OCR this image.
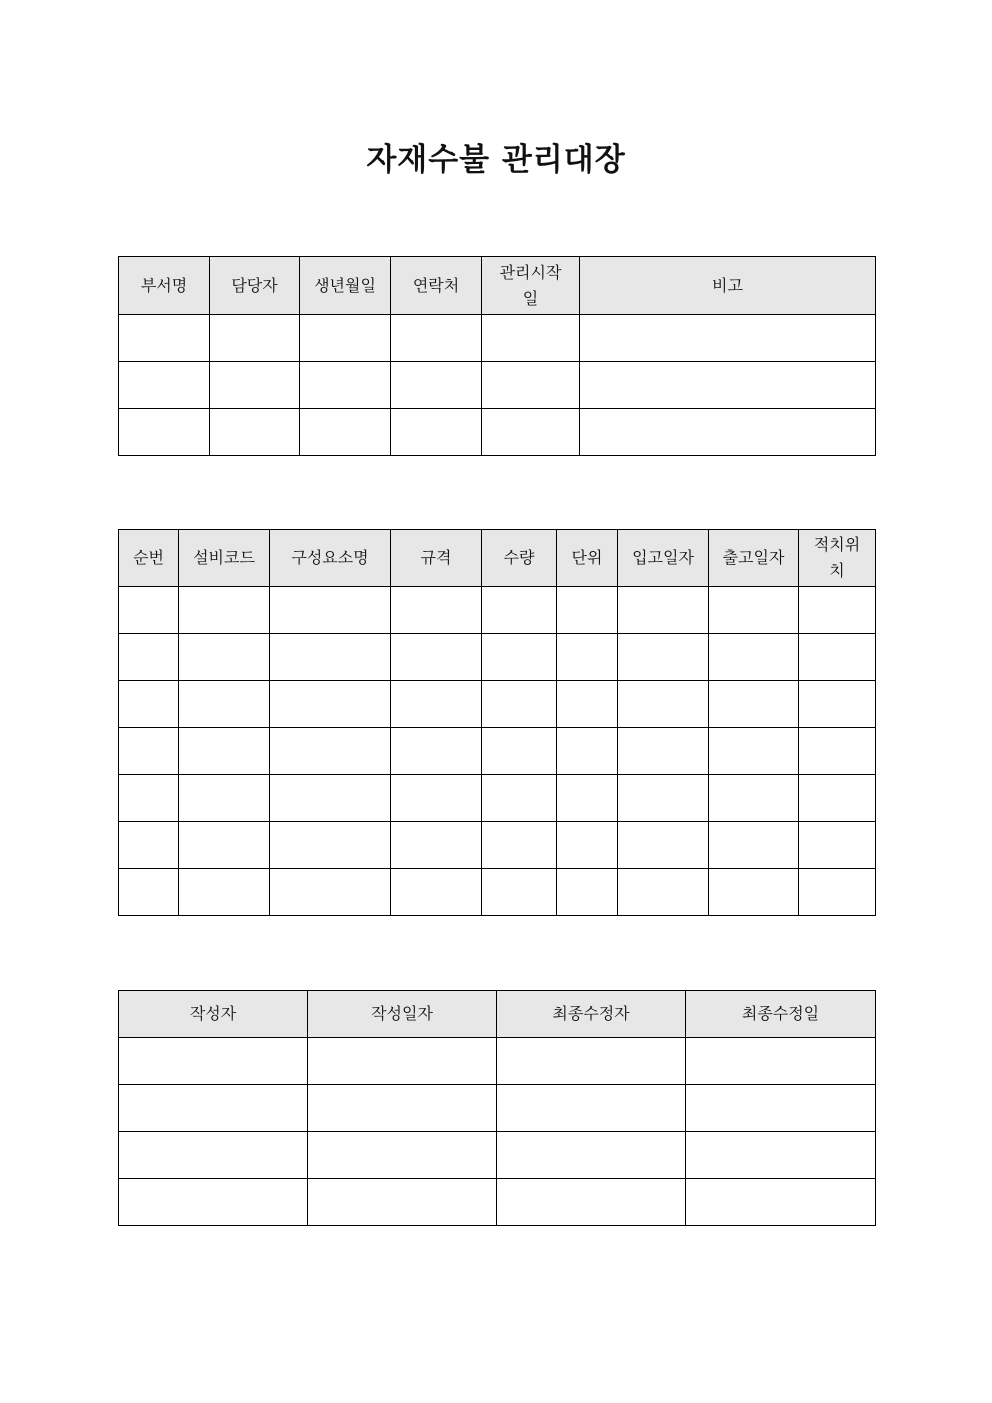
자재수불 관리대장
부서명	담당자	생년월일	연락처	관리시작일	비고

순번	설비코드	구성요소명	규격	수량	단위	입고일자	출고일자	적치위치

작성자	작성일자	최종수정자	최종수정일
